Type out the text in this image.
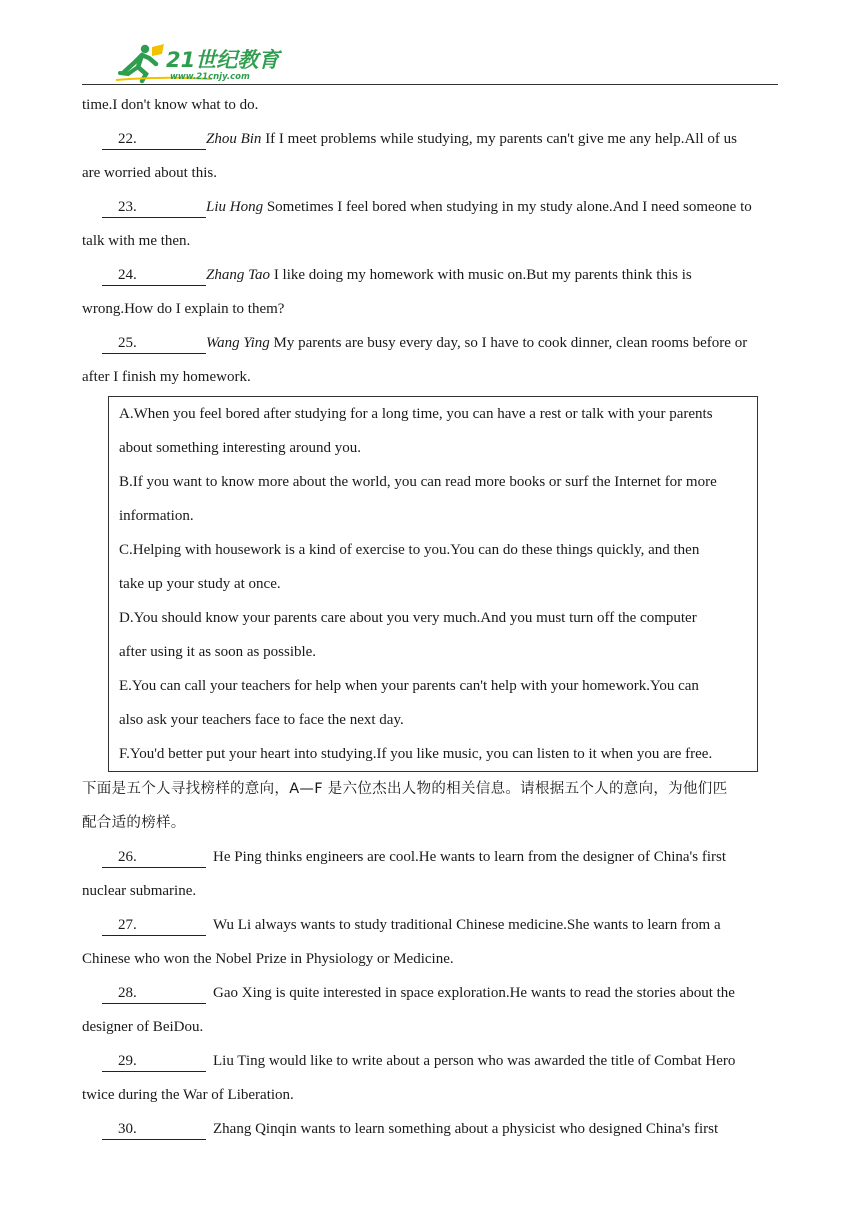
21世纪教育
www.21cnjy.com

time.I don't know what to do.

22.	Zhou Bin If I meet problems while studying, my parents can't give me any help.All of us

are worried about this.

23.	Liu Hong Sometimes I feel bored when studying in my study alone.And I need someone to

talk with me then.

24.	Zhang Tao I like doing my homework with music on.But my parents think this is

wrong.How do I explain to them?

25.	Wang Ying My parents are busy every day, so I have to cook dinner, clean rooms before or

after I finish my homework.

A.When you feel bored after studying for a long time, you can have a rest or talk with your parents

about something interesting around you.

B.If you want to know more about the world, you can read more books or surf the Internet for more

information.

C.Helping with housework is a kind of exercise to you.You can do these things quickly, and then

take up your study at once.

D.You should know your parents care about you very much.And you must turn off the computer

after using it as soon as possible.

E.You can call your teachers for help when your parents can't help with your homework.You can

also ask your teachers face to face the next day.

F.You'd better put your heart into studying.If you like music, you can listen to it when you are free.

下面是五个人寻找榜样的意向，A—F 是六位杰出人物的相关信息。请根据五个人的意向，为他们匹

配合适的榜样。

26.	He Ping thinks engineers are cool.He wants to learn from the designer of China's first

nuclear submarine.

27.	Wu Li always wants to study traditional Chinese medicine.She wants to learn from a

Chinese who won the Nobel Prize in Physiology or Medicine.

28.	Gao Xing is quite interested in space exploration.He wants to read the stories about the

designer of BeiDou.

29.	Liu Ting would like to write about a person who was awarded the title of Combat Hero

twice during the War of Liberation.

30.	Zhang Qinqin wants to learn something about a physicist who designed China's first
